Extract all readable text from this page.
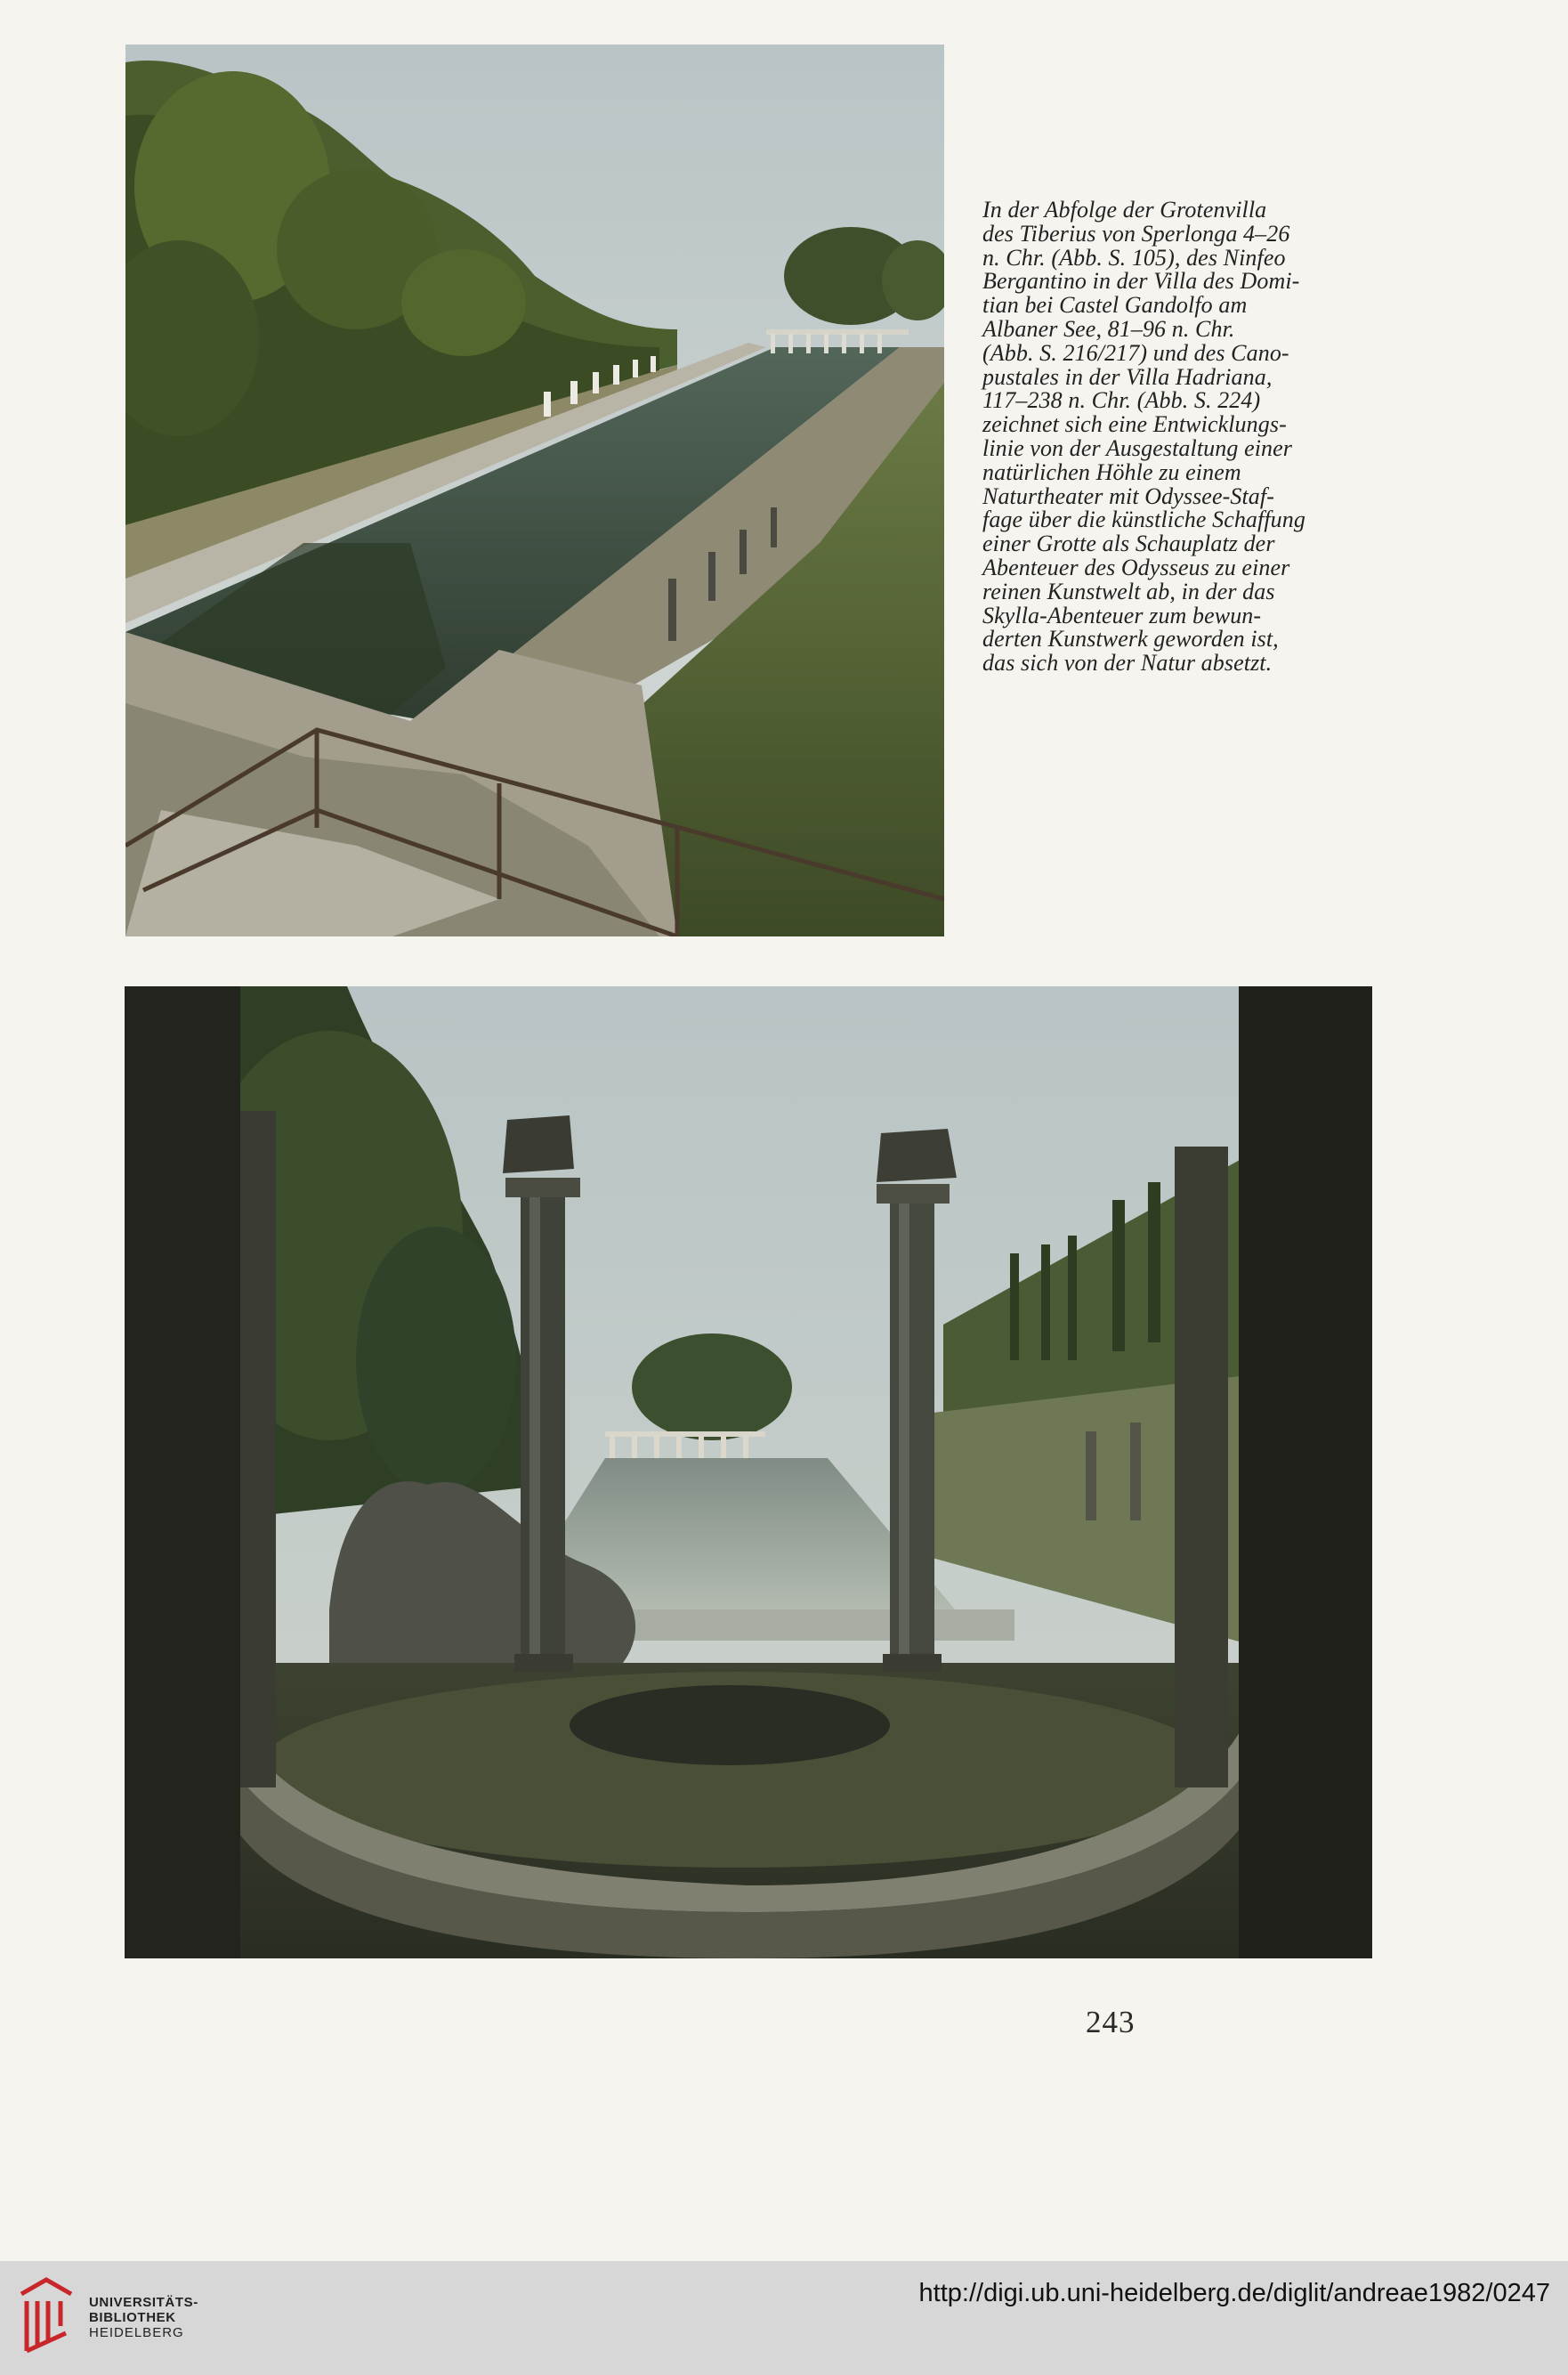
In der Abfolge der Grotenvilla
des Tiberius von Sperlonga 4–26
n. Chr. (Abb. S. 105), des Ninfeo
Bergantino in der Villa des Domi-
tian bei Castel Gandolfo am
Albaner See, 81–96 n. Chr.
(Abb. S. 216/217) und des Cano-
pustales in der Villa Hadriana,
117–238 n. Chr. (Abb. S. 224)
zeichnet sich eine Entwicklungs-
linie von der Ausgestaltung einer
natürlichen Höhle zu einem
Naturtheater mit Odyssee-Staf-
fage über die künstliche Schaffung
einer Grotte als Schauplatz der
Abenteuer des Odysseus zu einer
reinen Kunstwelt ab, in der das
Skylla-Abenteuer zum bewun-
derten Kunstwerk geworden ist,
das sich von der Natur absetzt.

243
UNIVERSITÄTS-
BIBLIOTHEK
HEIDELBERG
http://digi.ub.uni-heidelberg.de/diglit/andreae1982/0247
